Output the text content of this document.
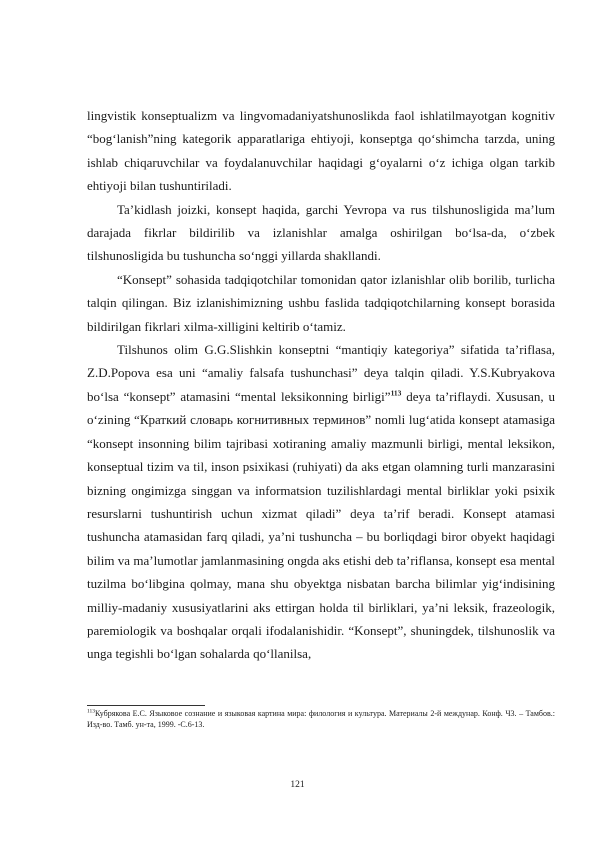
lingvistik konseptualizm va lingvomadaniyatshunoslikda faol ishlatilmayotgan kognitiv “bog‘lanish”ning kategorik apparatlariga ehtiyoji, konseptga qo‘shimcha tarzda, uning ishlab chiqaruvchilar va foydalanuvchilar haqidagi g‘oyalarni o‘z ichiga olgan tarkib ehtiyoji bilan tushuntiriladi.

Ta’kidlash joizki, konsept haqida, garchi Yevropa va rus tilshunosligida ma’lum darajada fikrlar bildirilib va izlanishlar amalga oshirilgan bo‘lsa-da, o‘zbek tilshunosligida bu tushuncha so‘nggi yillarda shakllandi.

“Konsept” sohasida tadqiqotchilar tomonidan qator izlanishlar olib borilib, turlicha talqin qilingan. Biz izlanishimizning ushbu faslida tadqiqotchilarning konsept borasida bildirilgan fikrlari xilma-xilligini keltirib o‘tamiz.

Tilshunos olim G.G.Slishkin konseptni “mantiqiy kategoriya” sifatida ta’riflasa, Z.D.Popova esa uni “amaliy falsafa tushunchasi” deya talqin qiladi. Y.S.Kubryakova bo‘lsa “konsept” atamasini “mental leksikonning birligi”$^{113}$ deya ta’riflaydi. Xususan, u o‘zining “Краткий словарь когнитивных терминов” nomli lug‘atida konsept atamasiga “konsept insonning bilim tajribasi xotiraning amaliy mazmunli birligi, mental leksikon, konseptual tizim va til, inson psixikasi (ruhiyati) da aks etgan olamning turli manzarasini bizning ongimizga singgan va informatsion tuzilishlardagi mental birliklar yoki psixik resurslarni tushuntirish uchun xizmat qiladi” deya ta’rif beradi. Konsept atamasi tushuncha atamasidan farq qiladi, ya’ni tushuncha – bu borliqdagi biror obyekt haqidagi bilim va ma’lumotlar jamlanmasining ongda aks etishi deb ta’riflansa, konsept esa mental tuzilma bo‘libgina qolmay, mana shu obyektga nisbatan barcha bilimlar yig‘indisining milliy-madaniy xususiyatlarini aks ettirgan holda til birliklari, ya’ni leksik, frazeologik, paremiologik va boshqalar orqali ifodalanishidir. “Konsept”, shuningdek, tilshunoslik va unga tegishli bo‘lgan sohalarda qo‘llanilsa,

$^{113}$Кубрякова Е.С. Языковое сознание и языковая картина мира: филология и культура. Материалы 2-й междунар. Конф. Ч3. – Тамбов.: Изд-во. Тамб. ун-та, 1999. -С.6-13.

121
